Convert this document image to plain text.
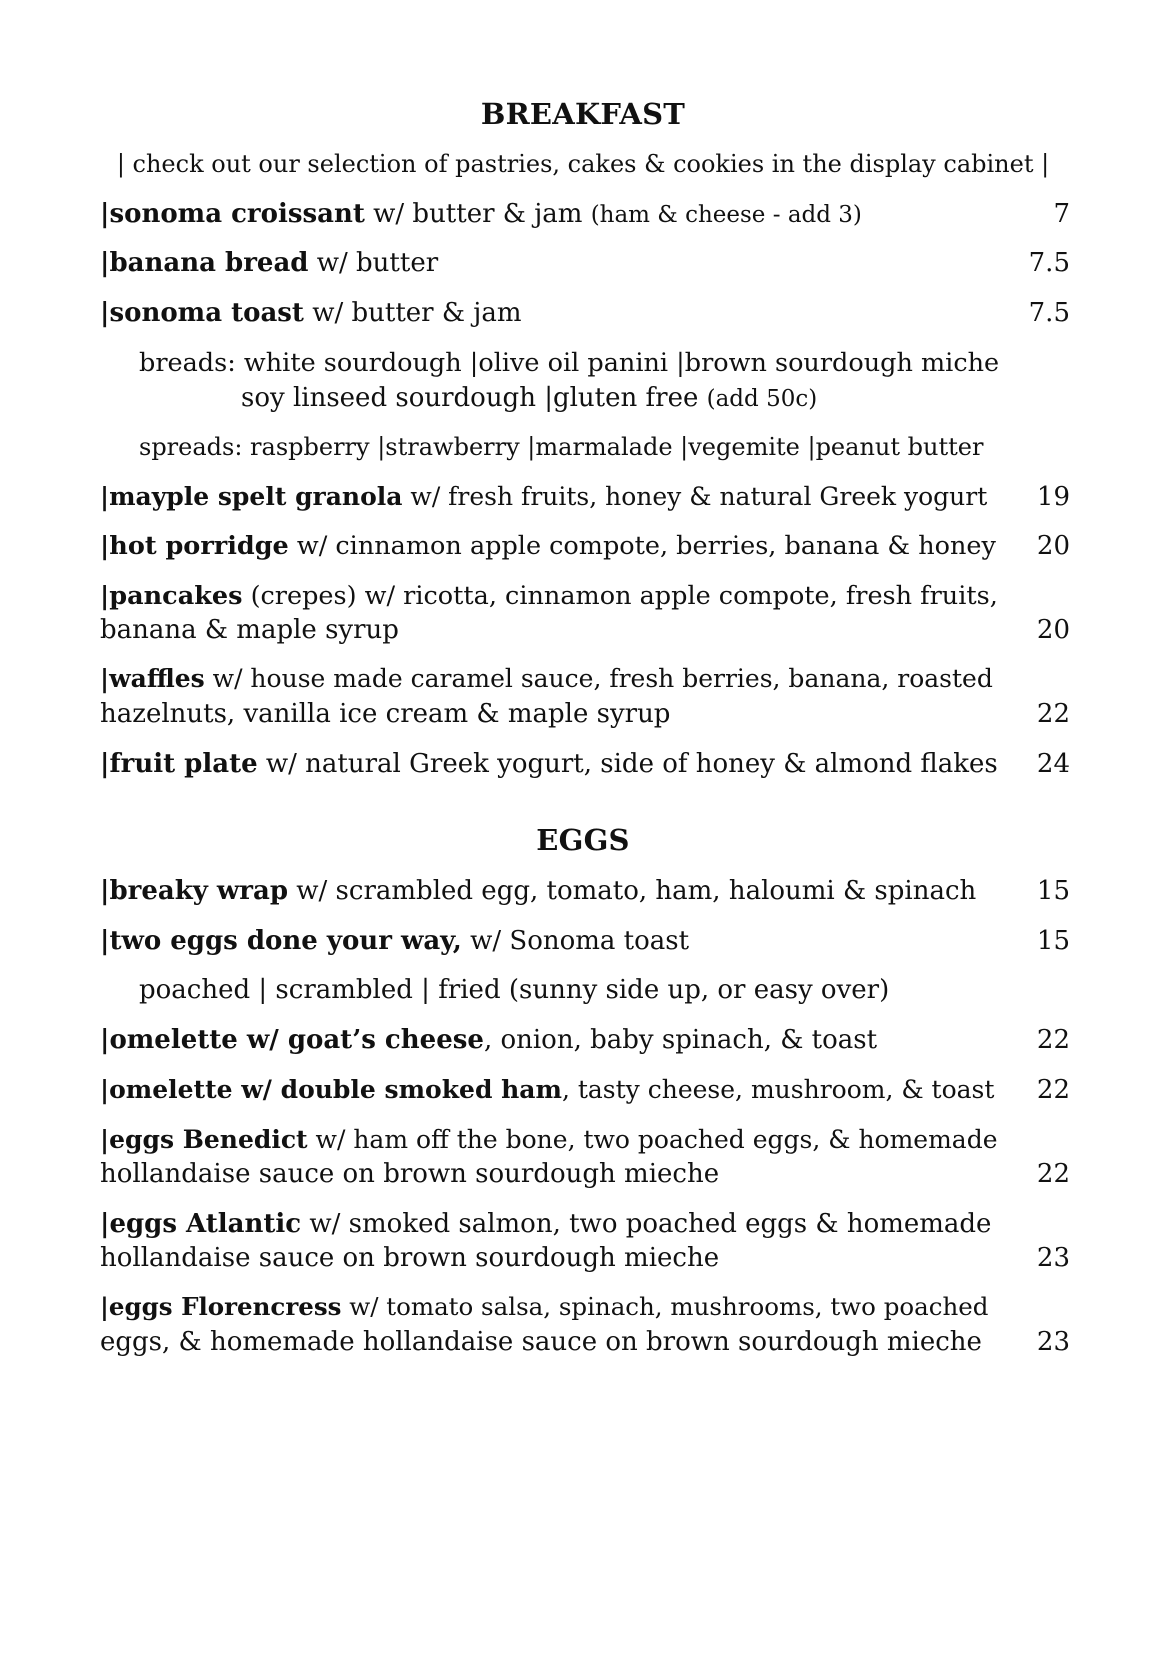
BREAKFAST
| check out our selection of pastries, cakes & cookies in the display cabinet |
|sonoma croissant w/ butter & jam (ham & cheese - add 3)	7
|banana bread w/ butter	7.5
|sonoma toast w/ butter & jam	7.5
breads: white sourdough |olive oil panini |brown sourdough miche
soy linseed sourdough |gluten free (add 50c)
spreads: raspberry |strawberry |marmalade |vegemite |peanut butter
|mayple spelt granola w/ fresh fruits, honey & natural Greek yogurt	19
|hot porridge w/ cinnamon apple compote, berries, banana & honey	20
|pancakes (crepes) w/ ricotta, cinnamon apple compote, fresh fruits,
banana & maple syrup	20
|waffles w/ house made caramel sauce, fresh berries, banana, roasted
hazelnuts, vanilla ice cream & maple syrup	22
|fruit plate w/ natural Greek yogurt, side of honey & almond flakes	24
EGGS
|breaky wrap w/ scrambled egg, tomato, ham, haloumi & spinach	15
|two eggs done your way, w/ Sonoma toast	15
poached | scrambled | fried (sunny side up, or easy over)
|omelette w/ goat’s cheese, onion, baby spinach, & toast	22
|omelette w/ double smoked ham, tasty cheese, mushroom, & toast	22
|eggs Benedict w/ ham off the bone, two poached eggs, & homemade
hollandaise sauce on brown sourdough mieche	22
|eggs Atlantic w/ smoked salmon, two poached eggs & homemade
hollandaise sauce on brown sourdough mieche	23
|eggs Florencress w/ tomato salsa, spinach, mushrooms, two poached
eggs, & homemade hollandaise sauce on brown sourdough mieche	23
